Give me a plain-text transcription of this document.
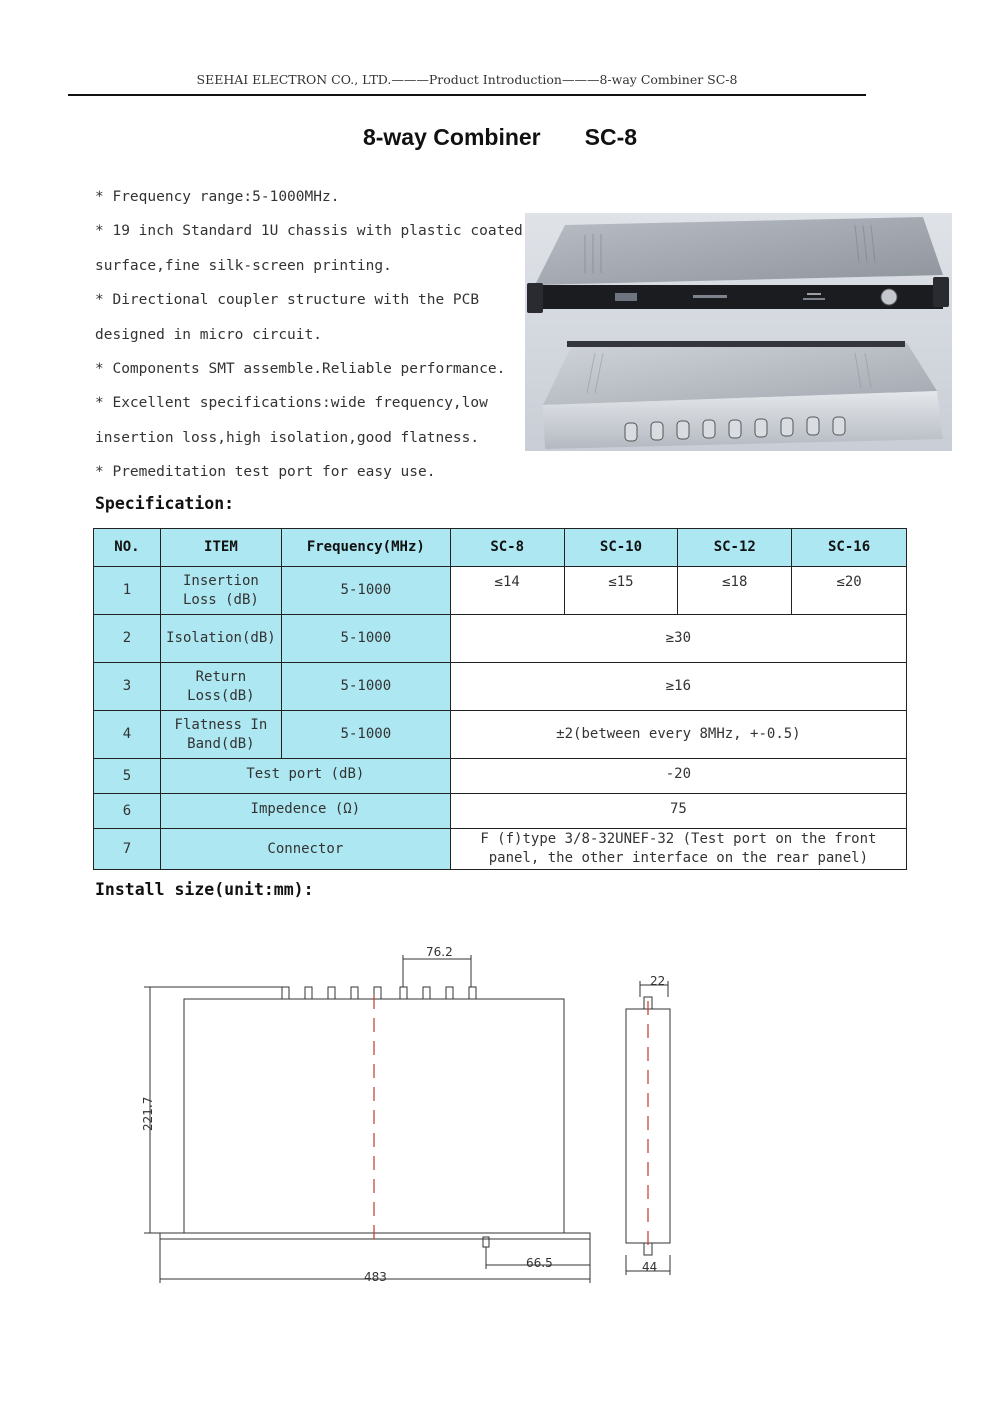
SEEHAI ELECTRON CO., LTD.———Product Introduction———8-way Combiner SC-8
8-way Combiner SC-8
* Frequency range:5-1000MHz.
* 19 inch Standard 1U chassis with plastic coated
surface,fine silk-screen printing.
* Directional coupler structure with the PCB
designed in micro circuit.
* Components SMT assemble.Reliable performance.
* Excellent specifications:wide frequency,low
insertion loss,high isolation,good flatness.
* Premeditation test port for easy use.
Specification:
NO.	ITEM	Frequency(MHz)	SC-8	SC-10	SC-12	SC-16
1	Insertion Loss (dB)	5-1000	≤14	≤15	≤18	≤20
2	Isolation(dB)	5-1000	≥30			
3	Return Loss(dB)	5-1000	≥16			
4	Flatness In Band(dB)	5-1000	±2(between every 8MHz, +-0.5)			
5	Test port (dB)		-20			
6	Impedence (Ω)		75			
7	Connector		F (f)type 3/8-32UNEF-32 (Test port on the front panel, the other interface on the rear panel)			
Install size(unit:mm):
76.2
221.7
483
66.5
22
44
